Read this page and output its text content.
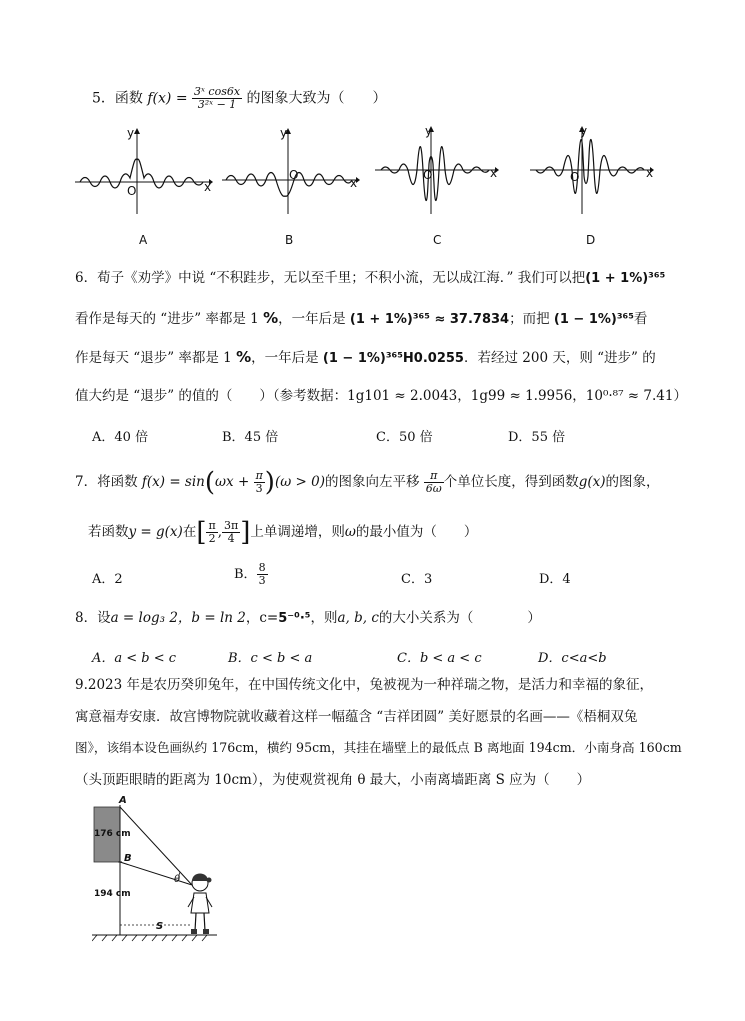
5．函数 $f(x) = \frac{\text{3ˣ cos6x}}{\text{3²ˣ − 1}}$ 的图象大致为（　　）
y
x
O
A
y
x
O
B
y
x
O
C
y
x
O
D
6．荀子《劝学》中说 “不积跬步，无以至千里；不积小流，无以成江海．” 我们可以把(1 + 1%)³⁶⁵
看作是每天的 “进步” 率都是 1 %，一年后是 (1 + 1%)³⁶⁵ ≈ 37.7834；而把 (1 − 1%)³⁶⁵看
作是每天 “退步” 率都是 1 %，一年后是 (1 − 1%)³⁶⁵H0.0255．若经过 200 天，则 “进步” 的
值大约是 “退步” 的值的（　　）（参考数据：1g101 ≈ 2.0043，1g99 ≈ 1.9956，10⁰·⁸⁷ ≈ 7.41）
A．40 倍	B．45 倍	C．50 倍	D．55 倍
7．将函数 $f(x) = \sin(\omega x + \frac{\pi}{3} )(\omega > 0)$的图象向左平移 $\frac{\pi}{6\omega}$ 个单位长度，得到函数g(x)的图象，
若函数y = g(x)在[ $\frac{\pi}{2}$ , $\frac{3\pi}{4}$ ]上单调递增，则ω的最小值为（　　）
A．2	B． $\frac{8}{3}$	C．3	D．4
8．设a = log₃ 2，b = ln 2，c=5⁻⁰·⁵，则a, b, c的大小关系为（　　　　）
A．a < b < c	B．c < b < a	C．b < a < c	D．c<a<b
9.2023 年是农历癸卯兔年，在中国传统文化中，兔被视为一种祥瑞之物，是活力和幸福的象征，
寓意福寿安康．故宫博物院就收藏着这样一幅蕴含 “吉祥团圆” 美好愿景的名画——《梧桐双兔
图》，该绢本设色画纵约 176cm，横约 95cm，其挂在墙壁上的最低点 B 离地面 194cm．小南身高 160cm
（头顶距眼睛的距离为 10cm），为使观赏视角 θ 最大，小南离墙距离 S 应为（　　）
A
B
176 cm
194 cm
θ
S
